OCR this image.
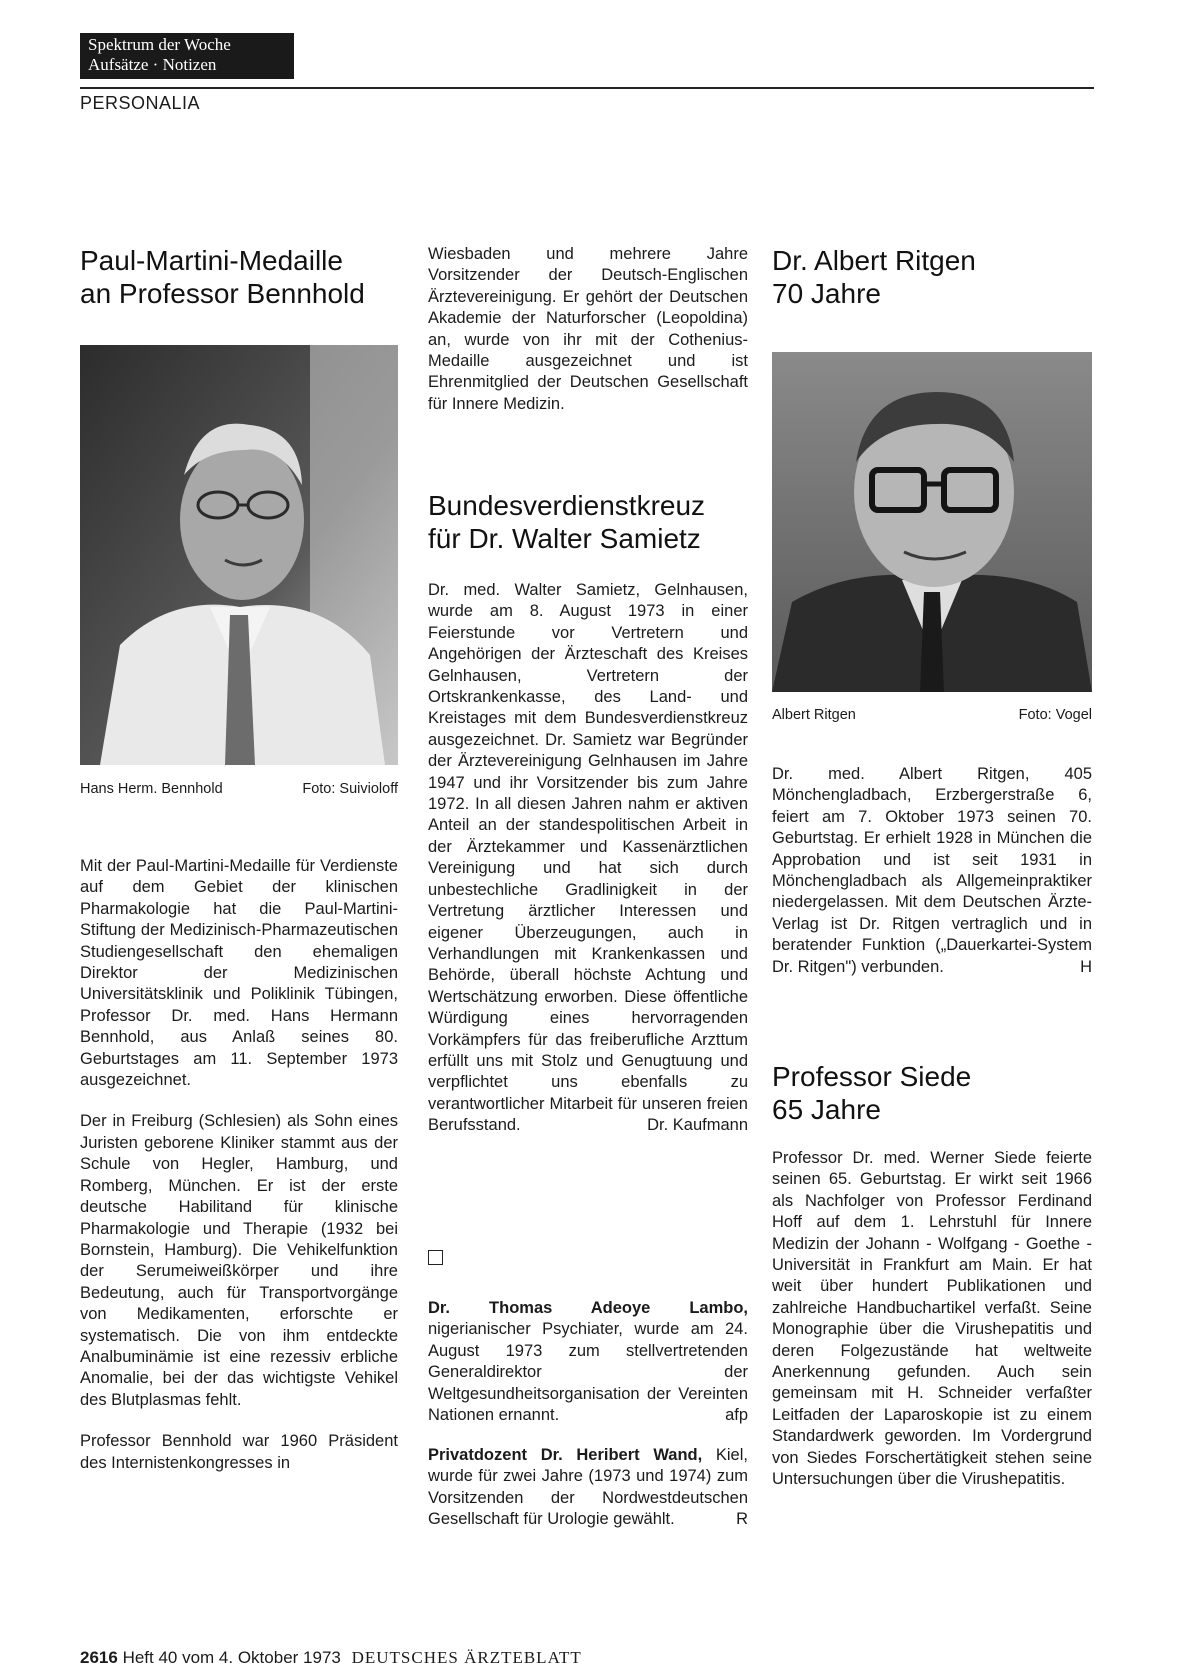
Spektrum der Woche
Aufsätze · Notizen
PERSONALIA
Paul-Martini-Medaille
an Professor Bennhold
Hans Herm. Bennhold	Foto: Suivioloff

Mit der Paul-Martini-Medaille für Verdienste auf dem Gebiet der klinischen Pharmakologie hat die Paul-Martini-Stiftung der Medizinisch-Pharmazeutischen Studiengesellschaft den ehemaligen Direktor der Medizinischen Universitätsklinik und Poliklinik Tübingen, Professor Dr. med. Hans Hermann Bennhold, aus Anlaß seines 80. Geburtstages am 11. September 1973 ausgezeichnet.

Der in Freiburg (Schlesien) als Sohn eines Juristen geborene Kliniker stammt aus der Schule von Hegler, Hamburg, und Romberg, München. Er ist der erste deutsche Habilitand für klinische Pharmakologie und Therapie (1932 bei Bornstein, Hamburg). Die Vehikelfunktion der Serumeiweißkörper und ihre Bedeutung, auch für Transportvorgänge von Medikamenten, erforschte er systematisch. Die von ihm entdeckte Analbuminämie ist eine rezessiv erbliche Anomalie, bei der das wichtigste Vehikel des Blutplasmas fehlt.

Professor Bennhold war 1960 Präsident des Internistenkongresses in

Wiesbaden und mehrere Jahre Vorsitzender der Deutsch-Englischen Ärztevereinigung. Er gehört der Deutschen Akademie der Naturforscher (Leopoldina) an, wurde von ihr mit der Cothenius-Medaille ausgezeichnet und ist Ehrenmitglied der Deutschen Gesellschaft für Innere Medizin.

Bundesverdienstkreuz
für Dr. Walter Samietz

Dr. med. Walter Samietz, Gelnhausen, wurde am 8. August 1973 in einer Feierstunde vor Vertretern und Angehörigen der Ärzteschaft des Kreises Gelnhausen, Vertretern der Ortskrankenkasse, des Land- und Kreistages mit dem Bundesverdienstkreuz ausgezeichnet. Dr. Samietz war Begründer der Ärztevereinigung Gelnhausen im Jahre 1947 und ihr Vorsitzender bis zum Jahre 1972. In all diesen Jahren nahm er aktiven Anteil an der standespolitischen Arbeit in der Ärztekammer und Kassenärztlichen Vereinigung und hat sich durch unbestechliche Gradlinigkeit in der Vertretung ärztlicher Interessen und eigener Überzeugungen, auch in Verhandlungen mit Krankenkassen und Behörde, überall höchste Achtung und Wertschätzung erworben. Diese öffentliche Würdigung eines hervorragenden Vorkämpfers für das freiberufliche Arzttum erfüllt uns mit Stolz und Genugtuung und verpflichtet uns ebenfalls zu verantwortlicher Mitarbeit für unseren freien Berufsstand.	Dr. Kaufmann

Dr. Thomas Adeoye Lambo, nigerianischer Psychiater, wurde am 24. August 1973 zum stellvertretenden Generaldirektor der Weltgesundheitsorganisation der Vereinten Nationen ernannt.	afp

Privatdozent Dr. Heribert Wand, Kiel, wurde für zwei Jahre (1973 und 1974) zum Vorsitzenden der Nordwestdeutschen Gesellschaft für Urologie gewählt.	R

Dr. Albert Ritgen
70 Jahre
Albert Ritgen	Foto: Vogel

Dr. med. Albert Ritgen, 405 Mönchengladbach, Erzbergerstraße 6, feiert am 7. Oktober 1973 seinen 70. Geburtstag. Er erhielt 1928 in München die Approbation und ist seit 1931 in Mönchengladbach als Allgemeinpraktiker niedergelassen. Mit dem Deutschen Ärzte-Verlag ist Dr. Ritgen vertraglich und in beratender Funktion („Dauerkartei-System Dr. Ritgen") verbunden.	H

Professor Siede
65 Jahre

Professor Dr. med. Werner Siede feierte seinen 65. Geburtstag. Er wirkt seit 1966 als Nachfolger von Professor Ferdinand Hoff auf dem 1. Lehrstuhl für Innere Medizin der Johann - Wolfgang - Goethe - Universität in Frankfurt am Main. Er hat weit über hundert Publikationen und zahlreiche Handbuchartikel verfaßt. Seine Monographie über die Virushepatitis und deren Folgezustände hat weltweite Anerkennung gefunden. Auch sein gemeinsam mit H. Schneider verfaßter Leitfaden der Laparoskopie ist zu einem Standardwerk geworden. Im Vordergrund von Siedes Forschertätigkeit stehen seine Untersuchungen über die Virushepatitis.

2616 Heft 40 vom 4. Oktober 1973 DEUTSCHES ÄRZTEBLATT
